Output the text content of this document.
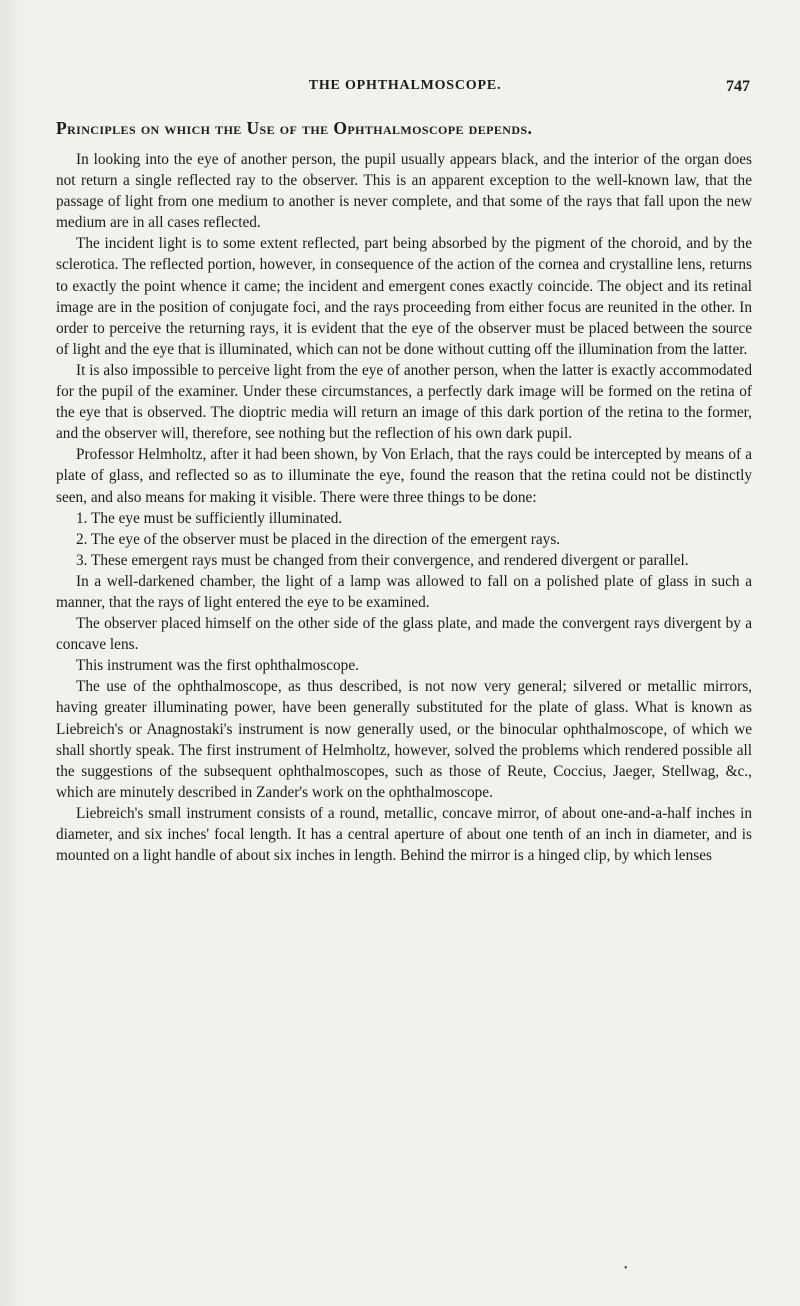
THE OPHTHALMOSCOPE.	747
Principles on which the Use of the Ophthalmoscope depends.

In looking into the eye of another person, the pupil usually appears black, and the interior of the organ does not return a single reflected ray to the observer. This is an apparent exception to the well-known law, that the passage of light from one medium to another is never complete, and that some of the rays that fall upon the new medium are in all cases reflected.

The incident light is to some extent reflected, part being absorbed by the pigment of the choroid, and by the sclerotica. The reflected portion, however, in consequence of the action of the cornea and crystalline lens, returns to exactly the point whence it came; the incident and emergent cones exactly coincide. The object and its retinal image are in the position of conjugate foci, and the rays proceeding from either focus are reunited in the other. In order to perceive the returning rays, it is evident that the eye of the observer must be placed between the source of light and the eye that is illuminated, which can not be done without cutting off the illumination from the latter.

It is also impossible to perceive light from the eye of another person, when the latter is exactly accommodated for the pupil of the examiner. Under these circumstances, a perfectly dark image will be formed on the retina of the eye that is observed. The dioptric media will return an image of this dark portion of the retina to the former, and the observer will, therefore, see nothing but the reflection of his own dark pupil.

Professor Helmholtz, after it had been shown, by Von Erlach, that the rays could be intercepted by means of a plate of glass, and reflected so as to illuminate the eye, found the reason that the retina could not be distinctly seen, and also means for making it visible. There were three things to be done:

1. The eye must be sufficiently illuminated.

2. The eye of the observer must be placed in the direction of the emergent rays.

3. These emergent rays must be changed from their convergence, and rendered divergent or parallel.

In a well-darkened chamber, the light of a lamp was allowed to fall on a polished plate of glass in such a manner, that the rays of light entered the eye to be examined.

The observer placed himself on the other side of the glass plate, and made the convergent rays divergent by a concave lens.

This instrument was the first ophthalmoscope.

The use of the ophthalmoscope, as thus described, is not now very general; silvered or metallic mirrors, having greater illuminating power, have been generally substituted for the plate of glass. What is known as Liebreich's or Anagnostaki's instrument is now generally used, or the binocular ophthalmoscope, of which we shall shortly speak. The first instrument of Helmholtz, however, solved the problems which rendered possible all the suggestions of the subsequent ophthalmoscopes, such as those of Reute, Coccius, Jaeger, Stellwag, &c., which are minutely described in Zander's work on the ophthalmoscope.

Liebreich's small instrument consists of a round, metallic, concave mirror, of about one-and-a-half inches in diameter, and six inches' focal length. It has a central aperture of about one tenth of an inch in diameter, and is mounted on a light handle of about six inches in length. Behind the mirror is a hinged clip, by which lenses

•
